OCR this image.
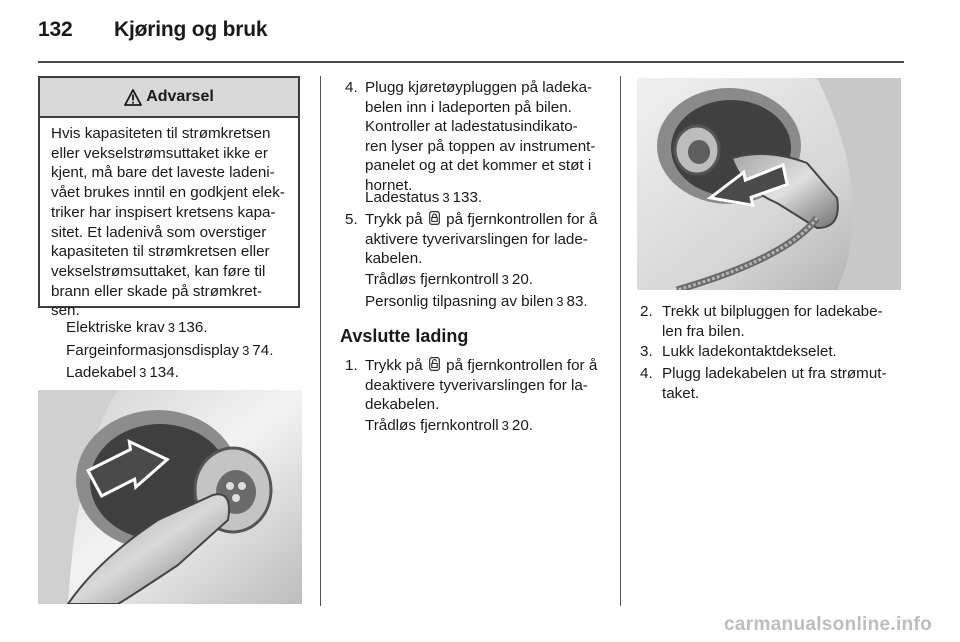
132 Kjøring og bruk
Advarsel
Hvis kapasiteten til strømkretsen
eller vekselstrømsuttaket ikke er
kjent, må bare det laveste ladeni-
vået brukes inntil en godkjent elek-
triker har inspisert kretsens kapa-
sitet. Et ladenivå som overstiger
kapasiteten til strømkretsen eller
vekselstrømsuttaket, kan føre til
brann eller skade på strømkret-
sen.
Elektriske krav 3 136.
Fargeinformasjonsdisplay 3 74.
Ladekabel 3 134.
4. Plugg kjøretøypluggen på ladeka-
belen inn i ladeporten på bilen.
Kontroller at ladestatusindikato-
ren lyser på toppen av instrument-
panelet og at det kommer et støt i
hornet.
Ladestatus 3 133.
5. Trykk på på fjernkontrollen for å
aktivere tyverivarslingen for lade-
kabelen.
Trådløs fjernkontroll 3 20.
Personlig tilpasning av bilen 3 83.
Avslutte lading
1. Trykk på på fjernkontrollen for å
deaktivere tyverivarslingen for la-
dekabelen.
Trådløs fjernkontroll 3 20.
2. Trekk ut bilpluggen for ladekabe-
len fra bilen.
3. Lukk ladekontaktdekselet.
4. Plugg ladekabelen ut fra strømut-
taket.
carmanualsonline.info
